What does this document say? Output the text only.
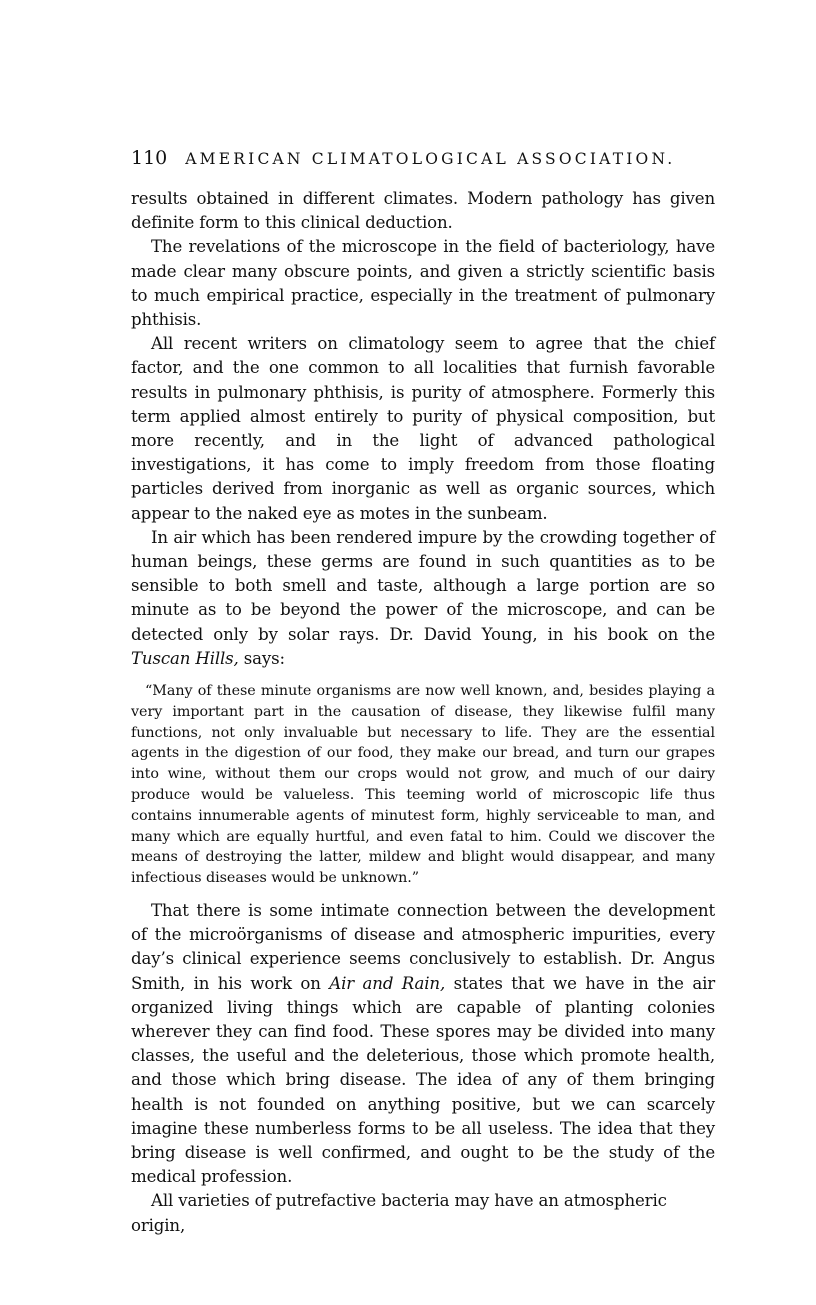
110 AMERICAN CLIMATOLOGICAL ASSOCIATION.

results obtained in different climates. Modern pathology has given definite form to this clinical deduction.

The revelations of the microscope in the field of bacteriology, have made clear many obscure points, and given a strictly scientific basis to much empirical practice, especially in the treatment of pulmonary phthisis.

All recent writers on climatology seem to agree that the chief factor, and the one common to all localities that furnish favorable results in pulmonary phthisis, is purity of atmosphere. Formerly this term applied almost entirely to purity of physical composition, but more recently, and in the light of advanced pathological investigations, it has come to imply freedom from those floating particles derived from inorganic as well as organic sources, which appear to the naked eye as motes in the sunbeam.

In air which has been rendered impure by the crowding together of human beings, these germs are found in such quantities as to be sensible to both smell and taste, although a large portion are so minute as to be beyond the power of the microscope, and can be detected only by solar rays. Dr. David Young, in his book on the Tuscan Hills, says:

“Many of these minute organisms are now well known, and, besides playing a very important part in the causation of disease, they likewise fulfil many functions, not only invaluable but necessary to life. They are the essential agents in the digestion of our food, they make our bread, and turn our grapes into wine, without them our crops would not grow, and much of our dairy produce would be valueless. This teeming world of microscopic life thus contains innumerable agents of minutest form, highly serviceable to man, and many which are equally hurtful, and even fatal to him. Could we discover the means of destroying the latter, mildew and blight would disappear, and many infectious diseases would be unknown.”

That there is some intimate connection between the development of the microörganisms of disease and atmospheric impurities, every day’s clinical experience seems conclusively to establish. Dr. Angus Smith, in his work on Air and Rain, states that we have in the air organized living things which are capable of planting colonies wherever they can find food. These spores may be divided into many classes, the useful and the deleterious, those which promote health, and those which bring disease. The idea of any of them bringing health is not founded on anything positive, but we can scarcely imagine these numberless forms to be all useless. The idea that they bring disease is well confirmed, and ought to be the study of the medical profession.

All varieties of putrefactive bacteria may have an atmospheric origin,
